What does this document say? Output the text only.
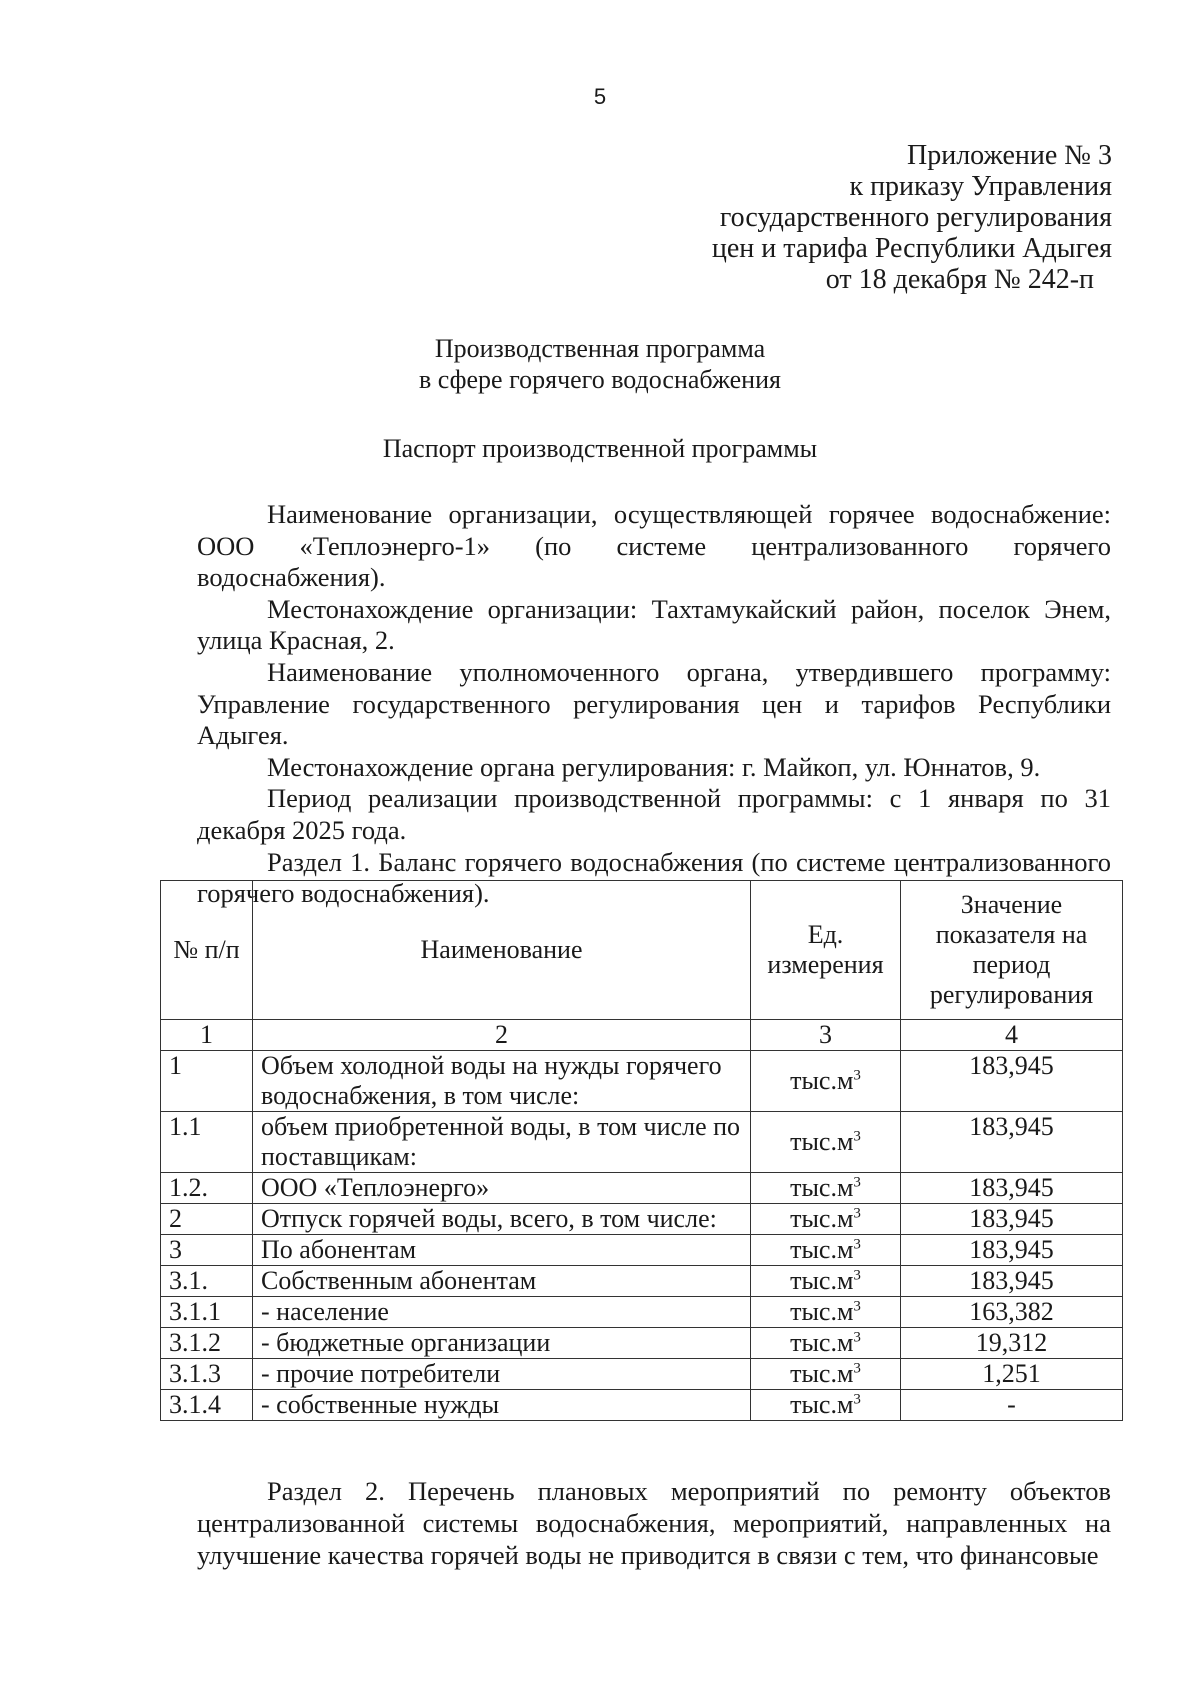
5
Приложение № 3
к приказу Управления
государственного регулирования
цен и тарифа Республики Адыгея
от 18 декабря № 242-п
Производственная программа
в сфере горячего водоснабжения
Паспорт производственной программы

Наименование организации, осуществляющей горячее водоснабжение: ООО «Теплоэнерго-1» (по системе централизованного горячего водоснабжения).

Местонахождение организации: Тахтамукайский район, поселок Энем, улица Красная, 2.

Наименование уполномоченного органа, утвердившего программу: Управление государственного регулирования цен и тарифов Республики Адыгея.

Местонахождение органа регулирования: г. Майкоп, ул. Юннатов, 9.

Период реализации производственной программы: с 1 января по 31 декабря 2025 года.

Раздел 1. Баланс горячего водоснабжения (по системе централизованного горячего водоснабжения).

№ п/п	Наименование	Ед. измерения	Значение показателя на период регулирования
1	2	3	4
1	Объем холодной воды на нужды горячего водоснабжения, в том числе:	$тыс.м^3$	183,945
1.1	объем приобретенной воды, в том числе по поставщикам:	$тыс.м^3$	183,945
1.2.	ООО «Теплоэнерго»	$тыс.м^3$	183,945
2	Отпуск горячей воды, всего, в том числе:	$тыс.м^3$	183,945
3	По абонентам	$тыс.м^3$	183,945
3.1.	Собственным абонентам	$тыс.м^3$	183,945
3.1.1	- население	$тыс.м^3$	163,382
3.1.2	- бюджетные организации	$тыс.м^3$	19,312
3.1.3	- прочие потребители	$тыс.м^3$	1,251
3.1.4	- собственные нужды	$тыс.м^3$	-

Раздел 2. Перечень плановых мероприятий по ремонту объектов централизованной системы водоснабжения, мероприятий, направленных на улучшение качества горячей воды не приводится в связи с тем, что финансовые
